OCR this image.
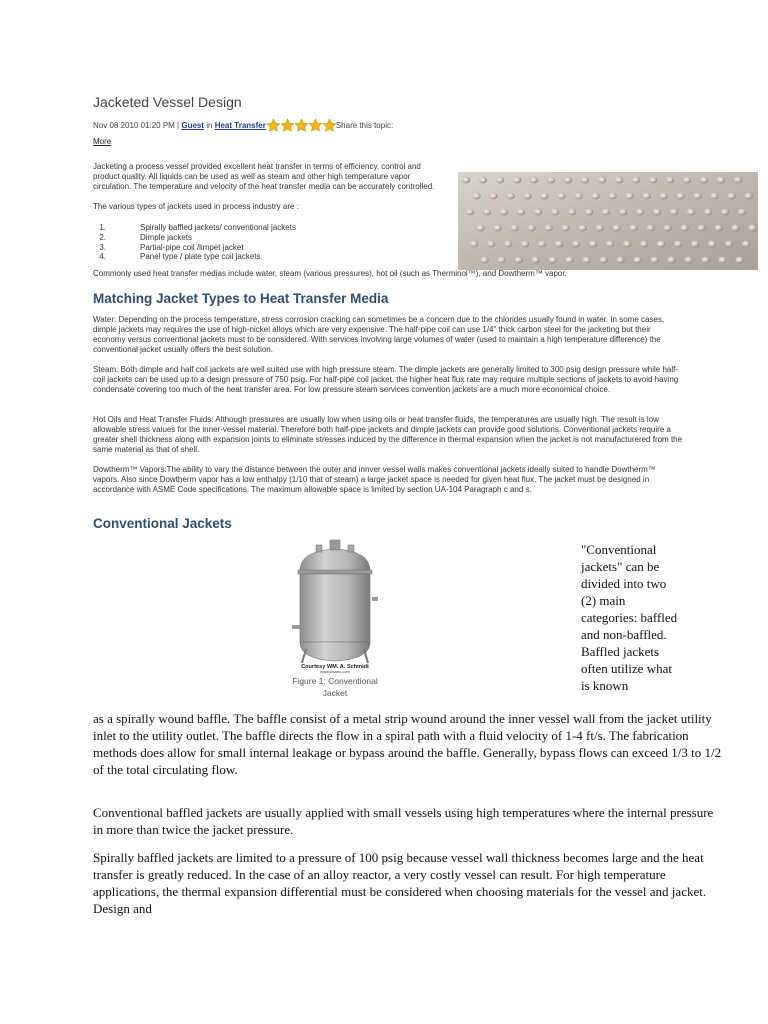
Jacketed Vessel Design
Nov 08 2010 01:20 PM | Guest in Heat Transfer	Share this topic:
More

Jacketing a process vessel provided excellent heat transfer in terms of efficiency, control and product quality. All liquids can be used as well as steam and other high temperature vapor circulation. The temperature and velocity of the heat transfer media can be accurately controlled.

The various types of jackets used in process industry are :

1.	Spirally baffled jackets/ conventional jackets
2.	Dimple jackets
3.	Partial-pipe coil /limpet jacket
4.	Panel type / plate type coil jackets

Commonly used heat transfer medias include water, steam (various pressures), hot oil (such as Therminol™), and Dowtherm™ vapor.

Matching Jacket Types to Heat Transfer Media

Water: Depending on the process temperature, stress corrosion cracking can sometimes be a concern due to the chlorides usually found in water. In some cases, dimple jackets may requires the use of high-nickel alloys which are very expensive. The half-pipe coil can use 1/4" thick carbon steel for the jacketing but their economy versus conventional jackets must to be considered. With services involving large volumes of water (used to maintain a high temperature difference) the conventional jacket usually offers the best solution.

Steam: Both dimple and half coil jackets are well suited use with high pressure steam. The dimple jackets are generally limited to 300 psig design pressure while half-coil jackets can be used up to a design pressure of 750 psig. For half-pipe coil jacket, the higher heat flux rate may require multiple sections of jackets to avoid having condensate covering too much of the heat transfer area. For low pressure steam services convention jackets are a much more economical choice.

Hot Oils and Heat Transfer Fluids: Although pressures are usually low when using oils or heat transfer fluids, the temperatures are usually high. The result is low allowable stress values for the inner-vessel material. Therefore both half-pipe jackets and dimple jackets can provide good solutions. Conventional jackets require a greater shell thickness along with expansion joints to eliminate stresses induced by the difference in thermal expansion when the jacket is not manufacturered from the same material as that of shell.

Dowtherm™ Vapors:The ability to vary the distance between the outer and innver vessel walls makes conventional jackets ideally suited to handle Dowtherm™ vapors. Also since Dowtherm vapor has a low enthalpy (1/10 that of steam) a large jacket space is needed for given heat flux. The jacket must be designed in accordance with ASME Code specifications. The maximum allowable space is limited by section UA-104 Paragraph c and s.

Conventional Jackets
Courtesy WM. A. Schmidt
www.wsaes.com
Figure 1: Conventional Jacket
"Conventional jackets" can be divided into two (2) main categories: baffled and non-baffled. Baffled jackets often utilize what is known

as a spirally wound baffle. The baffle consist of a metal strip wound around the inner vessel wall from the jacket utility inlet to the utility outlet. The baffle directs the flow in a spiral path with a fluid velocity of 1-4 ft/s. The fabrication methods does allow for small internal leakage or bypass around the baffle. Generally, bypass flows can exceed 1/3 to 1/2 of the total circulating flow.

Conventional baffled jackets are usually applied with small vessels using high temperatures where the internal pressure in more than twice the jacket pressure.

Spirally baffled jackets are limited to a pressure of 100 psig because vessel wall thickness becomes large and the heat transfer is greatly reduced. In the case of an alloy reactor, a very costly vessel can result. For high temperature applications, the thermal expansion differential must be considered when choosing materials for the vessel and jacket. Design and
